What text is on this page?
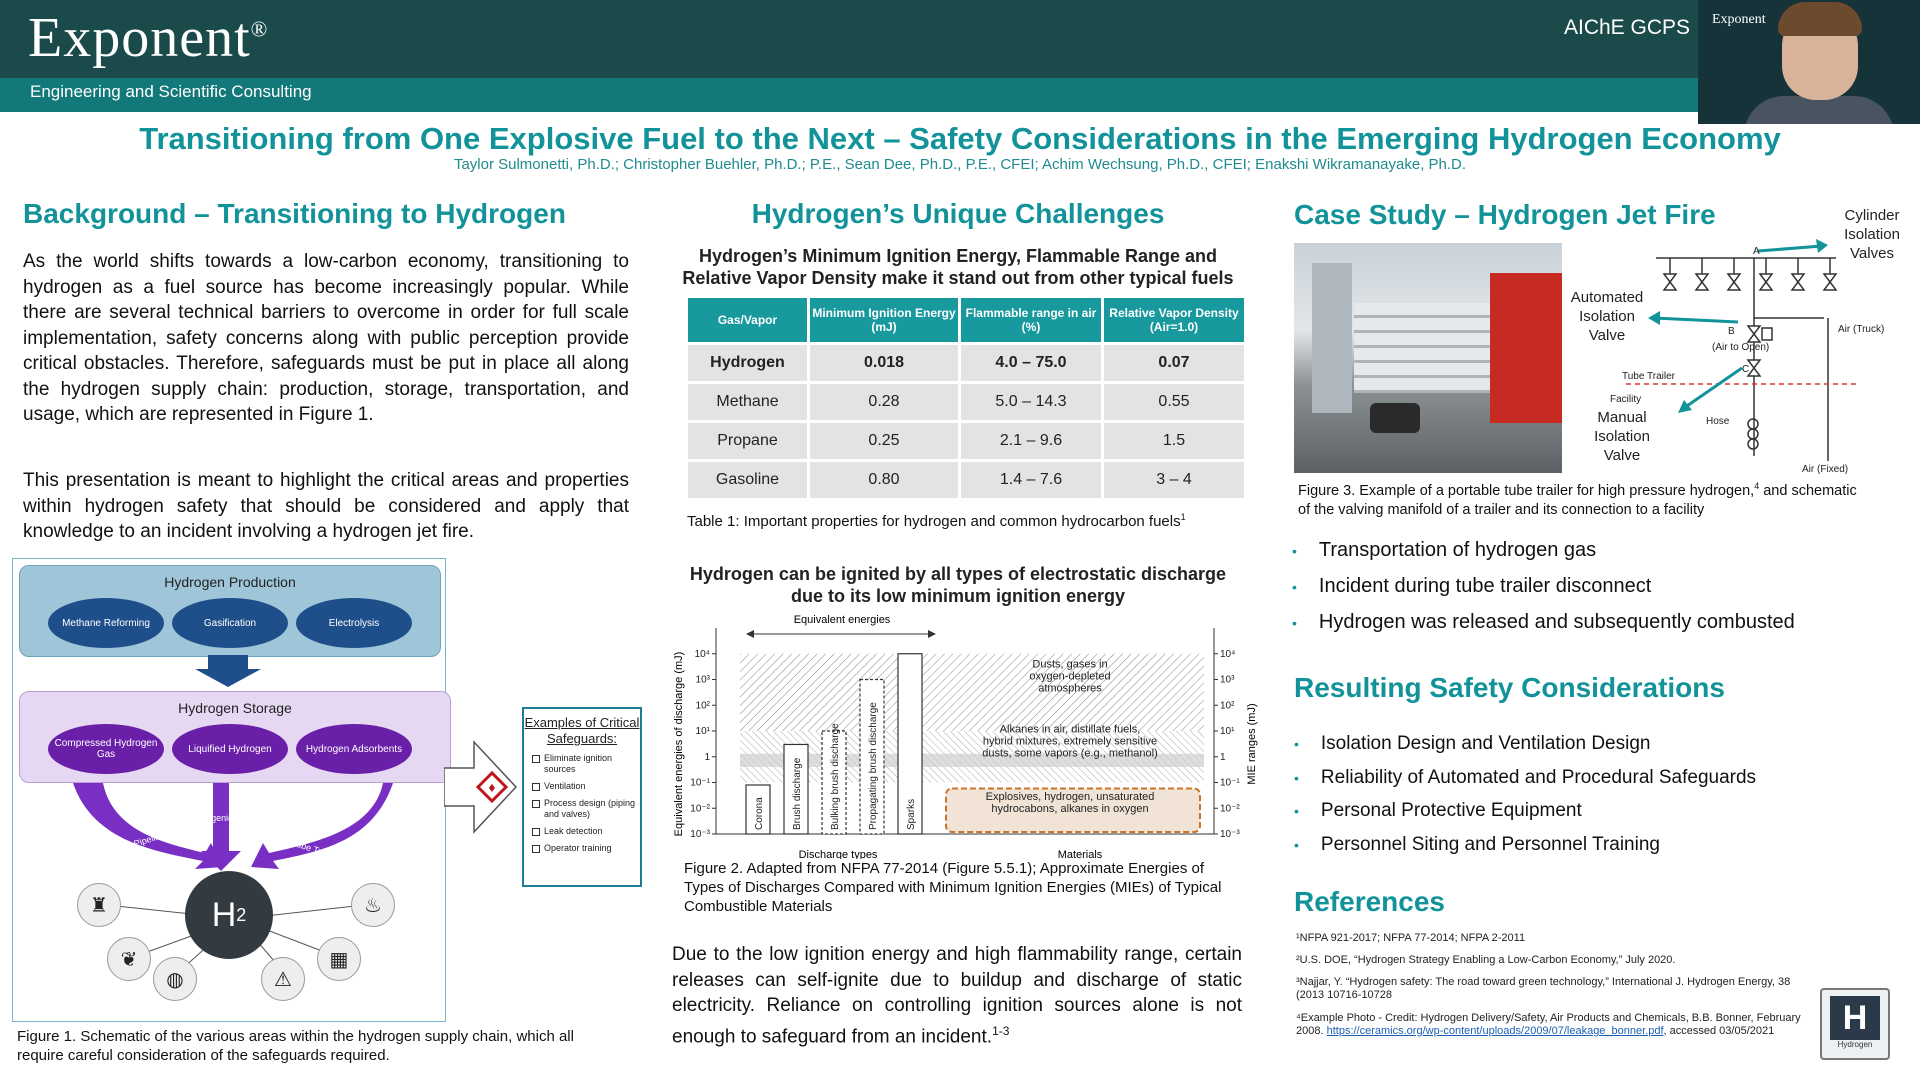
Exponent®
Engineering and Scientific Consulting
AIChE GCPS Exponent
Transitioning from One Explosive Fuel to the Next – Safety Considerations in the Emerging Hydrogen Economy
Taylor Sulmonetti, Ph.D.; Christopher Buehler, Ph.D.; P.E., Sean Dee, Ph.D., P.E., CFEI; Achim Wechsung, Ph.D., CFEI; Enakshi Wikramanayake, Ph.D.
Background – Transitioning to Hydrogen
As the world shifts towards a low-carbon economy, transitioning to hydrogen as a fuel source has become increasingly popular. While there are several technical barriers to overcome in order for full scale implementation, safety concerns along with public perception provide critical obstacles. Therefore, safeguards must be put in place all along the hydrogen supply chain: production, storage, transportation, and usage, which are represented in Figure 1.
This presentation is meant to highlight the critical areas and properties within hydrogen safety that should be considered and apply that knowledge to an incident involving a hydrogen jet fire.
Hydrogen Production
Methane Reforming	Gasification	Electrolysis
Hydrogen Storage
Compressed Hydrogen Gas	Liquified Hydrogen	Hydrogen Adsorbents
Pipeline
Cryogenic Tank
Tube Trailer
H 2
♜	♨
❦	▦
◍	⚠
♦
Examples of Critical Safeguards:
Eliminate ignition sources
Ventilation
Process design (piping and valves)
Leak detection
Operator training
Figure 1. Schematic of the various areas within the hydrogen supply chain, which all require careful consideration of the safeguards required.
Hydrogen’s Unique Challenges
Hydrogen’s Minimum Ignition Energy, Flammable Range and Relative Vapor Density make it stand out from other typical fuels
Gas/Vapor	Minimum Ignition Energy (mJ)	Flammable range in air (%)	Relative Vapor Density (Air=1.0)
Hydrogen	0.018	4.0 – 75.0	0.07
Methane	0.28	5.0 – 14.3	0.55
Propane	0.25	2.1 – 9.6	1.5
Gasoline	0.80	1.4 – 7.6	3 – 4
Table 1: Important properties for hydrogen and common hydrocarbon fuels$^1$
Hydrogen can be ignited by all types of electrostatic discharge due to its low minimum ignition energy
Dusts, gases in oxygen-depleted atmospheres
Alkanes in air, distillate fuels, hybrid mixtures, extremely sensitive dusts, some vapors (e.g., methanol)
Explosives, hydrogen, unsaturated hydrocabons, alkanes in oxygen
Corona	Brush discharge	Bulking brush discharge	Propagating brush discharge	Sparks
10⁻³	10⁻³
10⁻²	10⁻²
10⁻¹	10⁻¹
1	1
10¹	10¹
10²	10²
10³	10³
10⁴	10⁴
Equivalent energies of discharge (mJ)	MIE ranges (mJ)
Discharge types	Materials
Equivalent energies
Figure 2. Adapted from NFPA 77-2014 (Figure 5.5.1); Approximate Energies of Types of Discharges Compared with Minimum Ignition Energies (MIEs) of Typical Combustible Materials
Due to the low ignition energy and high flammability range, certain releases can self-ignite due to buildup and discharge of static electricity. Reliance on controlling ignition sources alone is not enough to safeguard from an incident.$^{1-3}$
Case Study – Hydrogen Jet Fire
A
B
(Air to Open)
C
Air (Truck)
Tube Trailer
Facility
Hose
Air (Fixed)
Cylinder Isolation Valves
Automated Isolation Valve
Manual Isolation Valve
Figure 3. Example of a portable tube trailer for high pressure hydrogen,$^4$ and schematic of the valving manifold of a trailer and its connection to a facility
• Transportation of hydrogen gas
• Incident during tube trailer disconnect
• Hydrogen was released and subsequently combusted
Resulting Safety Considerations
• Isolation Design and Ventilation Design
• Reliability of Automated and Procedural Safeguards
• Personal Protective Equipment
• Personnel Siting and Personnel Training
References
¹NFPA 921-2017; NFPA 77-2014; NFPA 2-2011
²U.S. DOE, “Hydrogen Strategy Enabling a Low-Carbon Economy,” July 2020.
³Najjar, Y. “Hydrogen safety: The road toward green technology,” International J. Hydrogen Energy, 38 (2013 10716-10728
⁴Example Photo - Credit: Hydrogen Delivery/Safety, Air Products and Chemicals, B.B. Bonner, February 2008. https://ceramics.org/wp-content/uploads/2009/07/leakage_bonner.pdf, accessed 03/05/2021	H
Hydrogen
